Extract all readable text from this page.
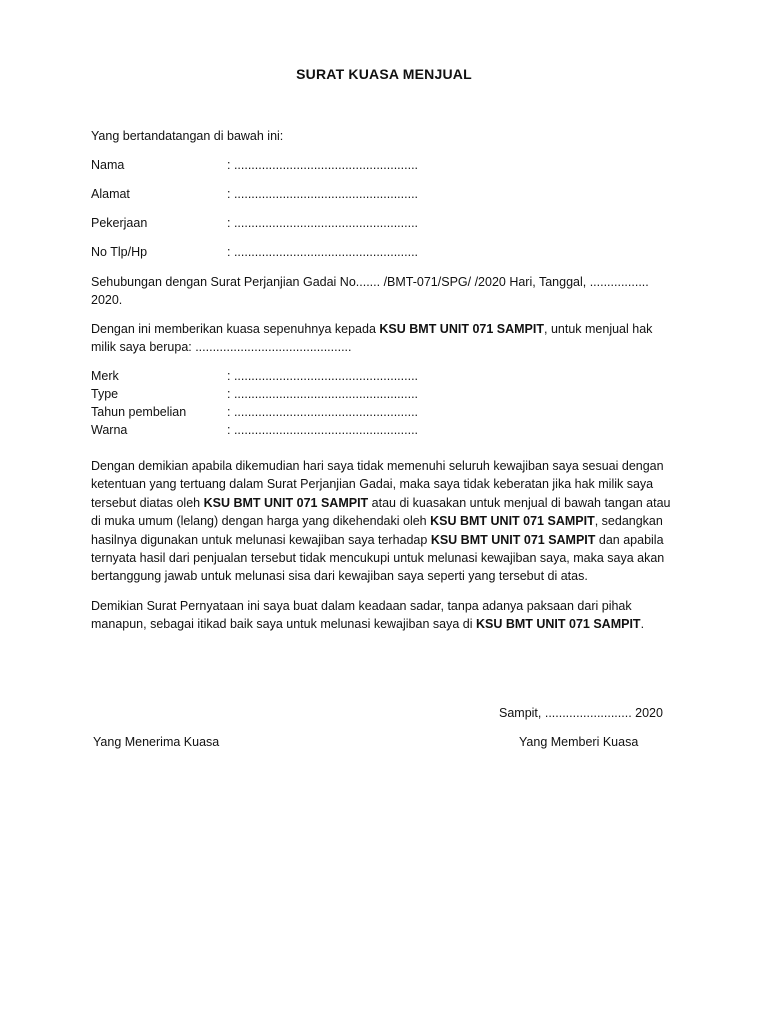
SURAT KUASA MENJUAL
Yang bertandatangan di bawah ini:
Nama	: .....................................................
Alamat	: .....................................................
Pekerjaan	: .....................................................
No Tlp/Hp	: .....................................................
Sehubungan dengan Surat Perjanjian Gadai No....... /BMT-071/SPG/ /2020 Hari, Tanggal, .................
2020.
Dengan ini memberikan kuasa sepenuhnya kepada KSU BMT UNIT 071 SAMPIT, untuk menjual hak
milik saya berupa: .............................................
Merk	: .....................................................
Type	: .....................................................
Tahun pembelian	: .....................................................
Warna	: .....................................................
Dengan demikian apabila dikemudian hari saya tidak memenuhi seluruh kewajiban saya sesuai dengan ketentuan yang tertuang dalam Surat Perjanjian Gadai, maka saya tidak keberatan jika hak milik saya tersebut diatas oleh KSU BMT UNIT 071 SAMPIT atau di kuasakan untuk menjual di bawah tangan atau di muka umum (lelang) dengan harga yang dikehendaki oleh KSU BMT UNIT 071 SAMPIT, sedangkan hasilnya digunakan untuk melunasi kewajiban saya terhadap KSU BMT UNIT 071 SAMPIT dan apabila ternyata hasil dari penjualan tersebut tidak mencukupi untuk melunasi kewajiban saya, maka saya akan bertanggung jawab untuk melunasi sisa dari kewajiban saya seperti yang tersebut di atas.
Demikian Surat Pernyataan ini saya buat dalam keadaan sadar, tanpa adanya paksaan dari pihak manapun, sebagai itikad baik saya untuk melunasi kewajiban saya di KSU BMT UNIT 071 SAMPIT.
Sampit, ......................... 2020
Yang Menerima Kuasa	Yang Memberi Kuasa
